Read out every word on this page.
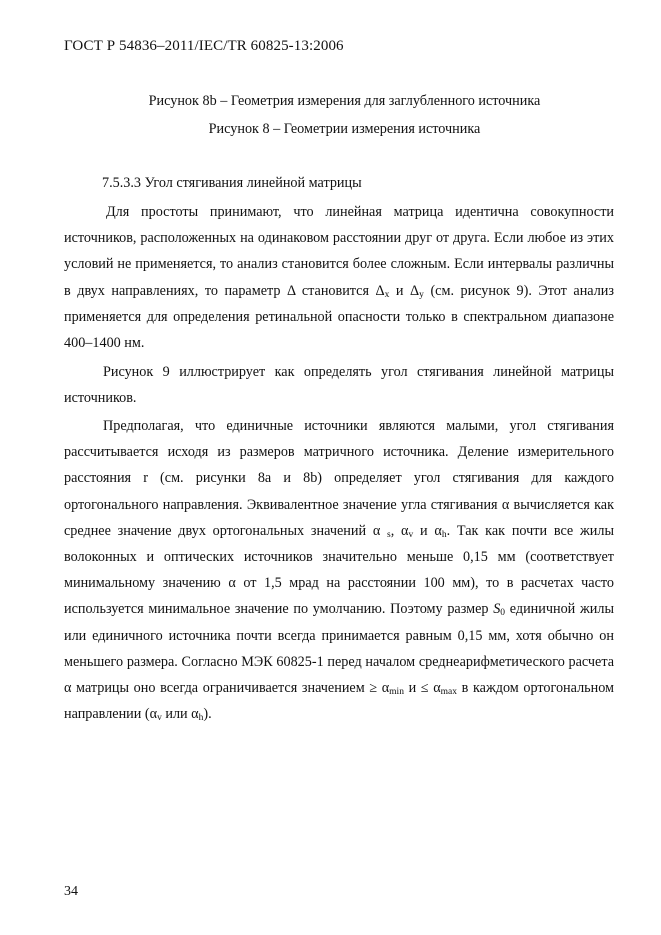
ГОСТ Р 54836–2011/IEC/TR 60825-13:2006
Рисунок 8b – Геометрия измерения для заглубленного источника
Рисунок 8 – Геометрии измерения источника
7.5.3.3 Угол стягивания линейной матрицы
Для простоты принимают, что линейная матрица идентична совокупности источников, расположенных на одинаковом расстоянии друг от друга. Если любое из этих условий не применяется, то анализ становится более сложным. Если интервалы различны в двух направлениях, то параметр Δ становится $\Delta_x$ и $\Delta_y$ (см. рисунок 9). Этот анализ применяется для определения ретинальной опасности только в спектральном диапазоне 400–1400 нм.
Рисунок 9 иллюстрирует как определять угол стягивания линейной матрицы источников.
Предполагая, что единичные источники являются малыми, угол стягивания рассчитывается исходя из размеров матричного источника. Деление измерительного расстояния r (см. рисунки 8a и 8b) определяет угол стягивания для каждого ортогонального направления. Эквивалентное значение угла стягивания α вычисляется как среднее значение двух ортогональных значений α $_s$, $\alpha_v$ и $\alpha_h$. Так как почти все жилы волоконных и оптических источников значительно меньше 0,15 мм (соответствует минимальному значению α от 1,5 мрад на расстоянии 100 мм), то в расчетах часто используется минимальное значение по умолчанию. Поэтому размер $S_0$ единичной жилы или единичного источника почти всегда принимается равным 0,15 мм, хотя обычно он меньшего размера. Согласно МЭК 60825-1 перед началом среднеарифметического расчета α матрицы оно всегда ограничивается значением ≥ $\alpha_{min}$ $и \le \alpha_{max}$ в каждом ортогональном направлении ($\alpha_v$ или $\alpha_h$).
34
